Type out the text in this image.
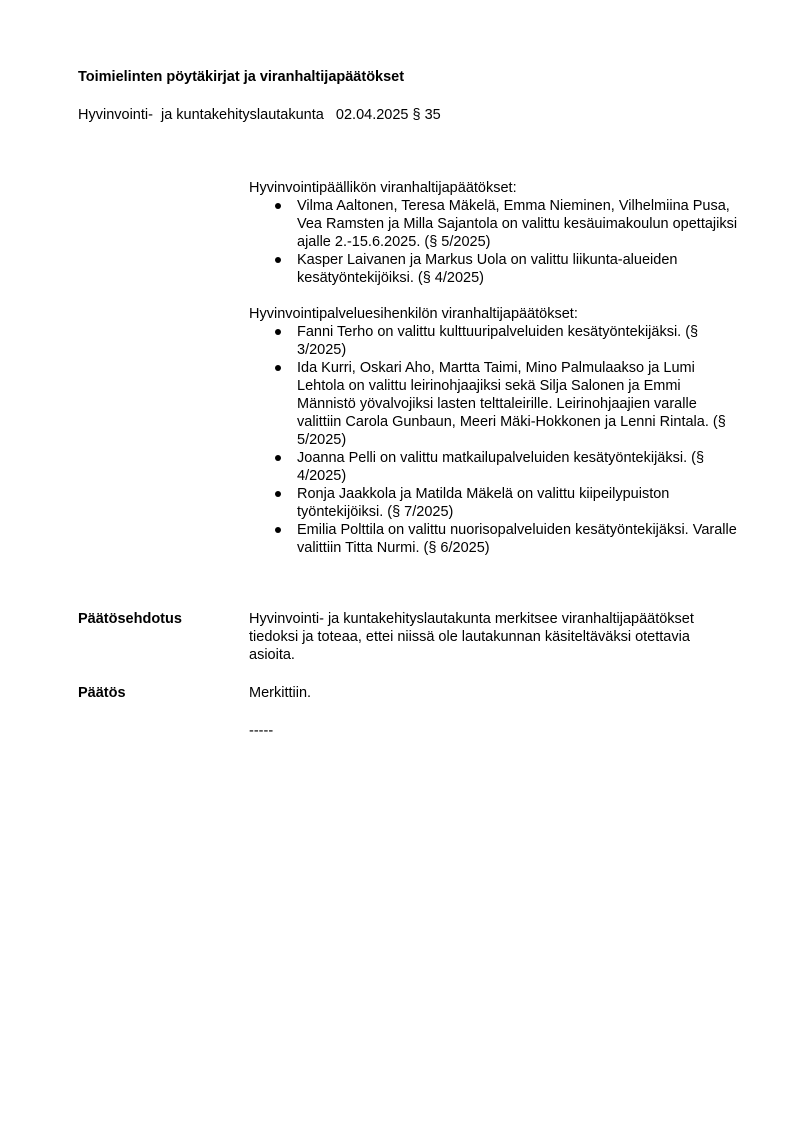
Toimielinten pöytäkirjat ja viranhaltijapäätökset

Hyvinvointi-  ja kuntakehityslautakunta   02.04.2025 § 35

Hyvinvointipäällikön viranhaltijapäätökset:

Vilma Aaltonen, Teresa Mäkelä, Emma Nieminen, Vilhelmiina Pusa, Vea Ramsten ja Milla Sajantola on valittu kesäuimakoulun opettajiksi ajalle 2.-15.6.2025. (§ 5/2025)
Kasper Laivanen ja Markus Uola on valittu liikunta-alueiden kesätyöntekijöiksi. (§ 4/2025)

Hyvinvointipalveluesihenkilön viranhaltijapäätökset:

Fanni Terho on valittu kulttuuripalveluiden kesätyöntekijäksi. (§ 3/2025)
Ida Kurri, Oskari Aho, Martta Taimi, Mino Palmulaakso ja Lumi Lehtola on valittu leirinohjaajiksi sekä Silja Salonen ja Emmi Männistö yövalvojiksi lasten telttaleirille. Leirinohjaajien varalle valittiin Carola Gunbaun, Meeri Mäki-Hokkonen ja Lenni Rintala. (§ 5/2025)
Joanna Pelli on valittu matkailupalveluiden kesätyöntekijäksi. (§ 4/2025)
Ronja Jaakkola ja Matilda Mäkelä on valittu kiipeilypuiston työntekijöiksi. (§ 7/2025)
Emilia Polttila on valittu nuorisopalveluiden kesätyöntekijäksi. Varalle valittiin Titta Nurmi. (§ 6/2025)
Päätösehdotus	Hyvinvointi- ja kuntakehityslautakunta merkitsee viranhaltijapäätökset tiedoksi ja toteaa, ettei niissä ole lautakunnan käsiteltäväksi otettavia asioita.
Päätös	Merkittiin.
-----
